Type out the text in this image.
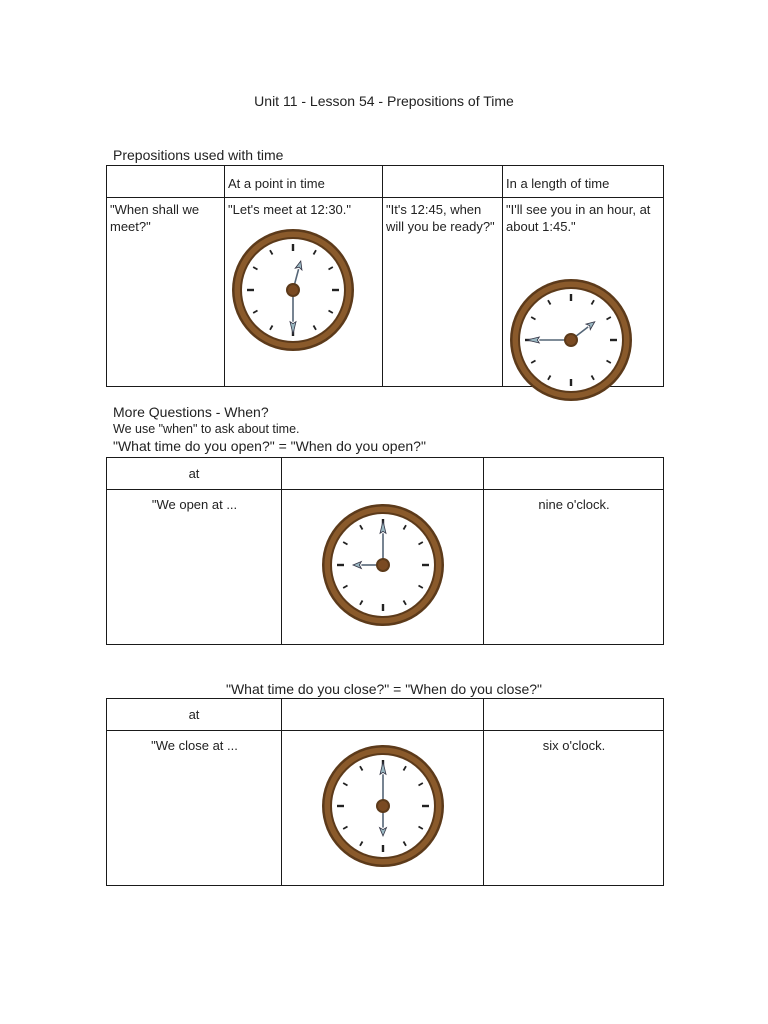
Unit 11 - Lesson 54 - Prepositions of Time
Prepositions used with time

	At a point in time		In a length of time

"When shall we meet?"	"Let's meet at 12:30."	"It's 12:45, when will you be ready?"	"I'll see you in an hour, at about 1:45."
More Questions - When?
We use "when" to ask about time.
"What time do you open?" = "When do you open?"
at		

"We open at ...		nine o'clock.
"What time do you close?" = "When do you close?"
at		

"We close at ...		six o'clock.
